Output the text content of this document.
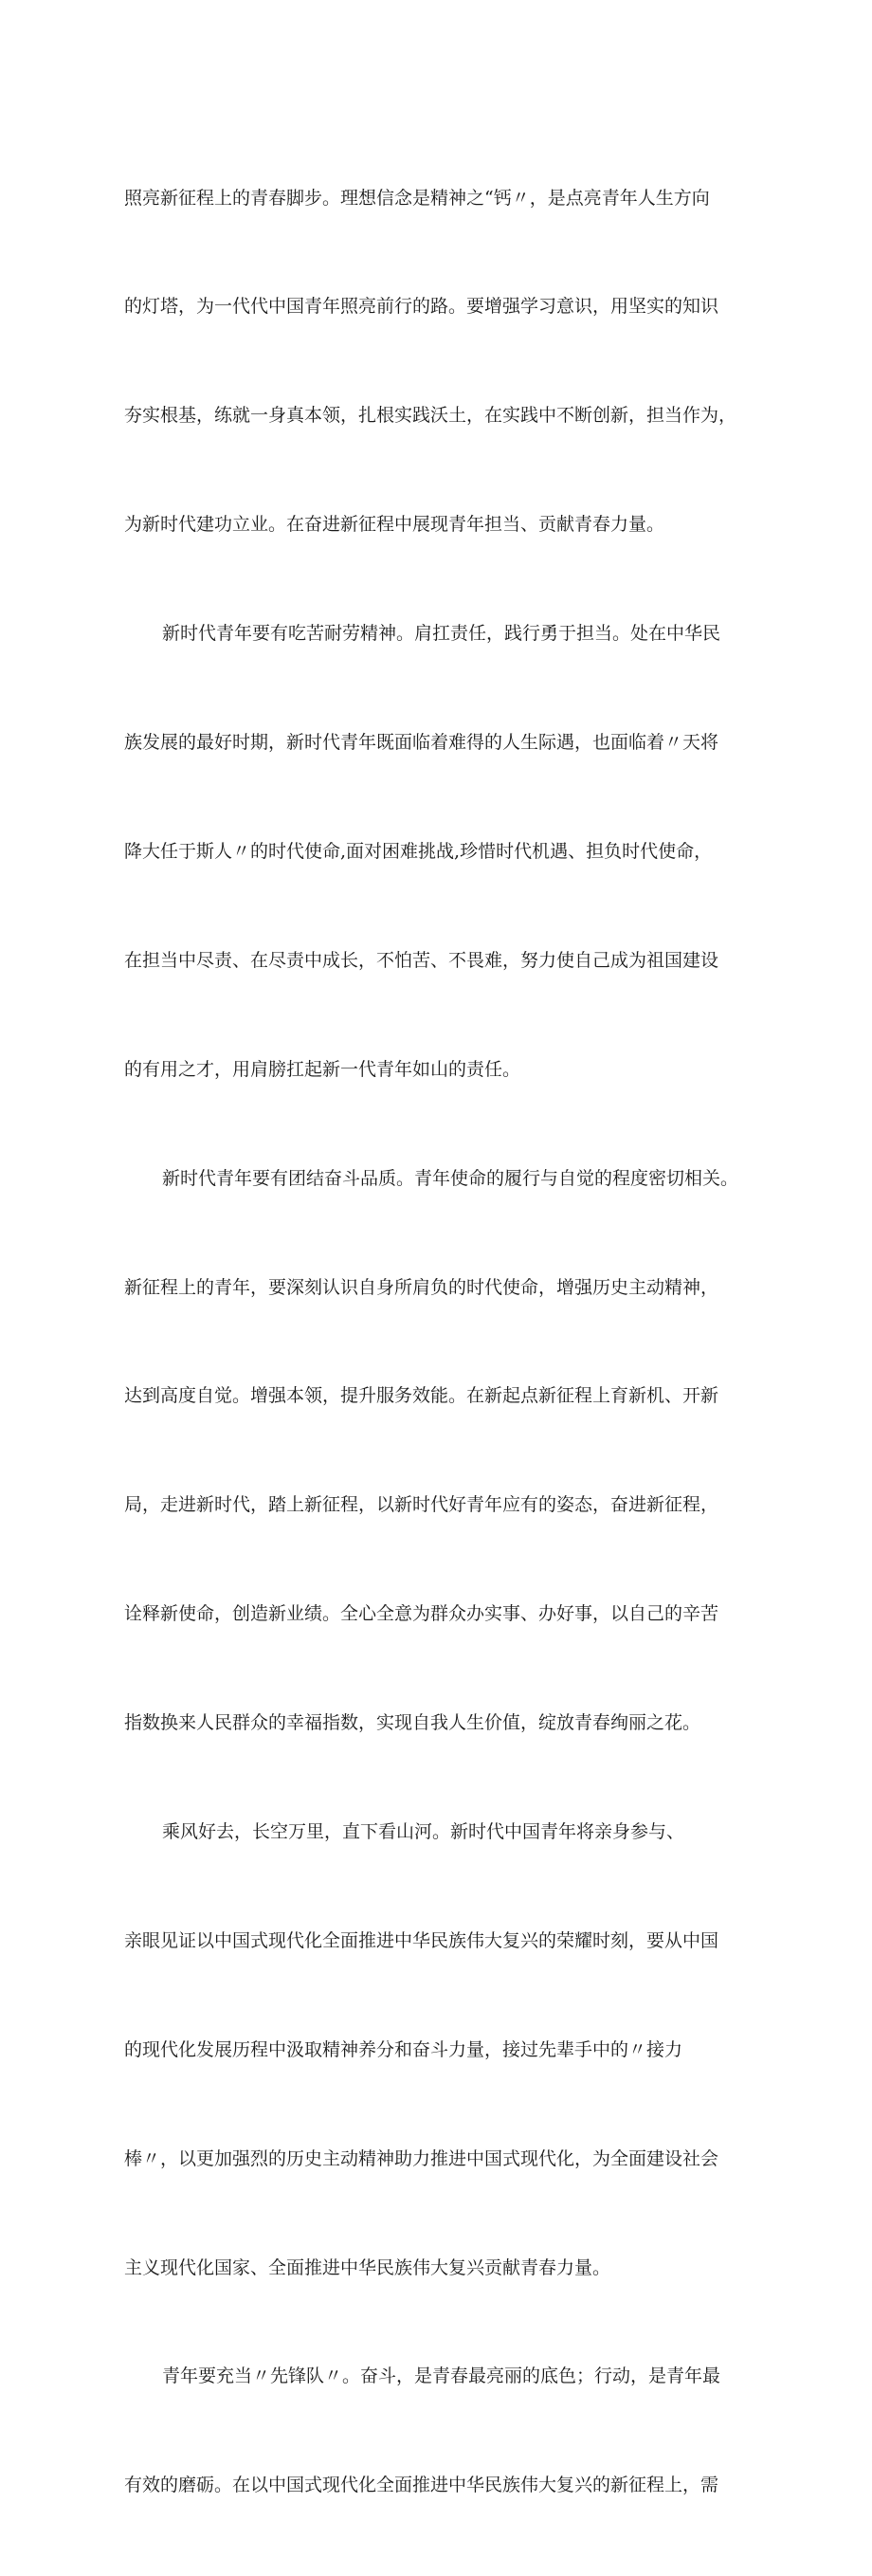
照亮新征程上的青春脚步。理想信念是精神之“钙〃，是点亮青年人生方向

的灯塔，为一代代中国青年照亮前行的路。要增强学习意识，用坚实的知识

夯实根基，练就一身真本领，扎根实践沃土，在实践中不断创新，担当作为，

为新时代建功立业。在奋进新征程中展现青年担当、贡献青春力量。

新时代青年要有吃苦耐劳精神。肩扛责任，践行勇于担当。处在中华民

族发展的最好时期，新时代青年既面临着难得的人生际遇，也面临着〃天将

降大任于斯人〃的时代使命,面对困难挑战,珍惜时代机遇、担负时代使命，

在担当中尽责、在尽责中成长，不怕苦、不畏难，努力使自己成为祖国建设

的有用之才，用肩膀扛起新一代青年如山的责任。

新时代青年要有团结奋斗品质。青年使命的履行与自觉的程度密切相关。

新征程上的青年，要深刻认识自身所肩负的时代使命，增强历史主动精神，

达到高度自觉。增强本领，提升服务效能。在新起点新征程上育新机、开新

局，走进新时代，踏上新征程，以新时代好青年应有的姿态，奋进新征程，

诠释新使命，创造新业绩。全心全意为群众办实事、办好事，以自己的辛苦

指数换来人民群众的幸福指数，实现自我人生价值，绽放青春绚丽之花。

乘风好去，长空万里，直下看山河。新时代中国青年将亲身参与、

亲眼见证以中国式现代化全面推进中华民族伟大复兴的荣耀时刻，要从中国

的现代化发展历程中汲取精神养分和奋斗力量，接过先辈手中的〃接力

棒〃，以更加强烈的历史主动精神助力推进中国式现代化，为全面建设社会

主义现代化国家、全面推进中华民族伟大复兴贡献青春力量。

青年要充当〃先锋队〃。奋斗，是青春最亮丽的底色；行动，是青年最

有效的磨砺。在以中国式现代化全面推进中华民族伟大复兴的新征程上，需
